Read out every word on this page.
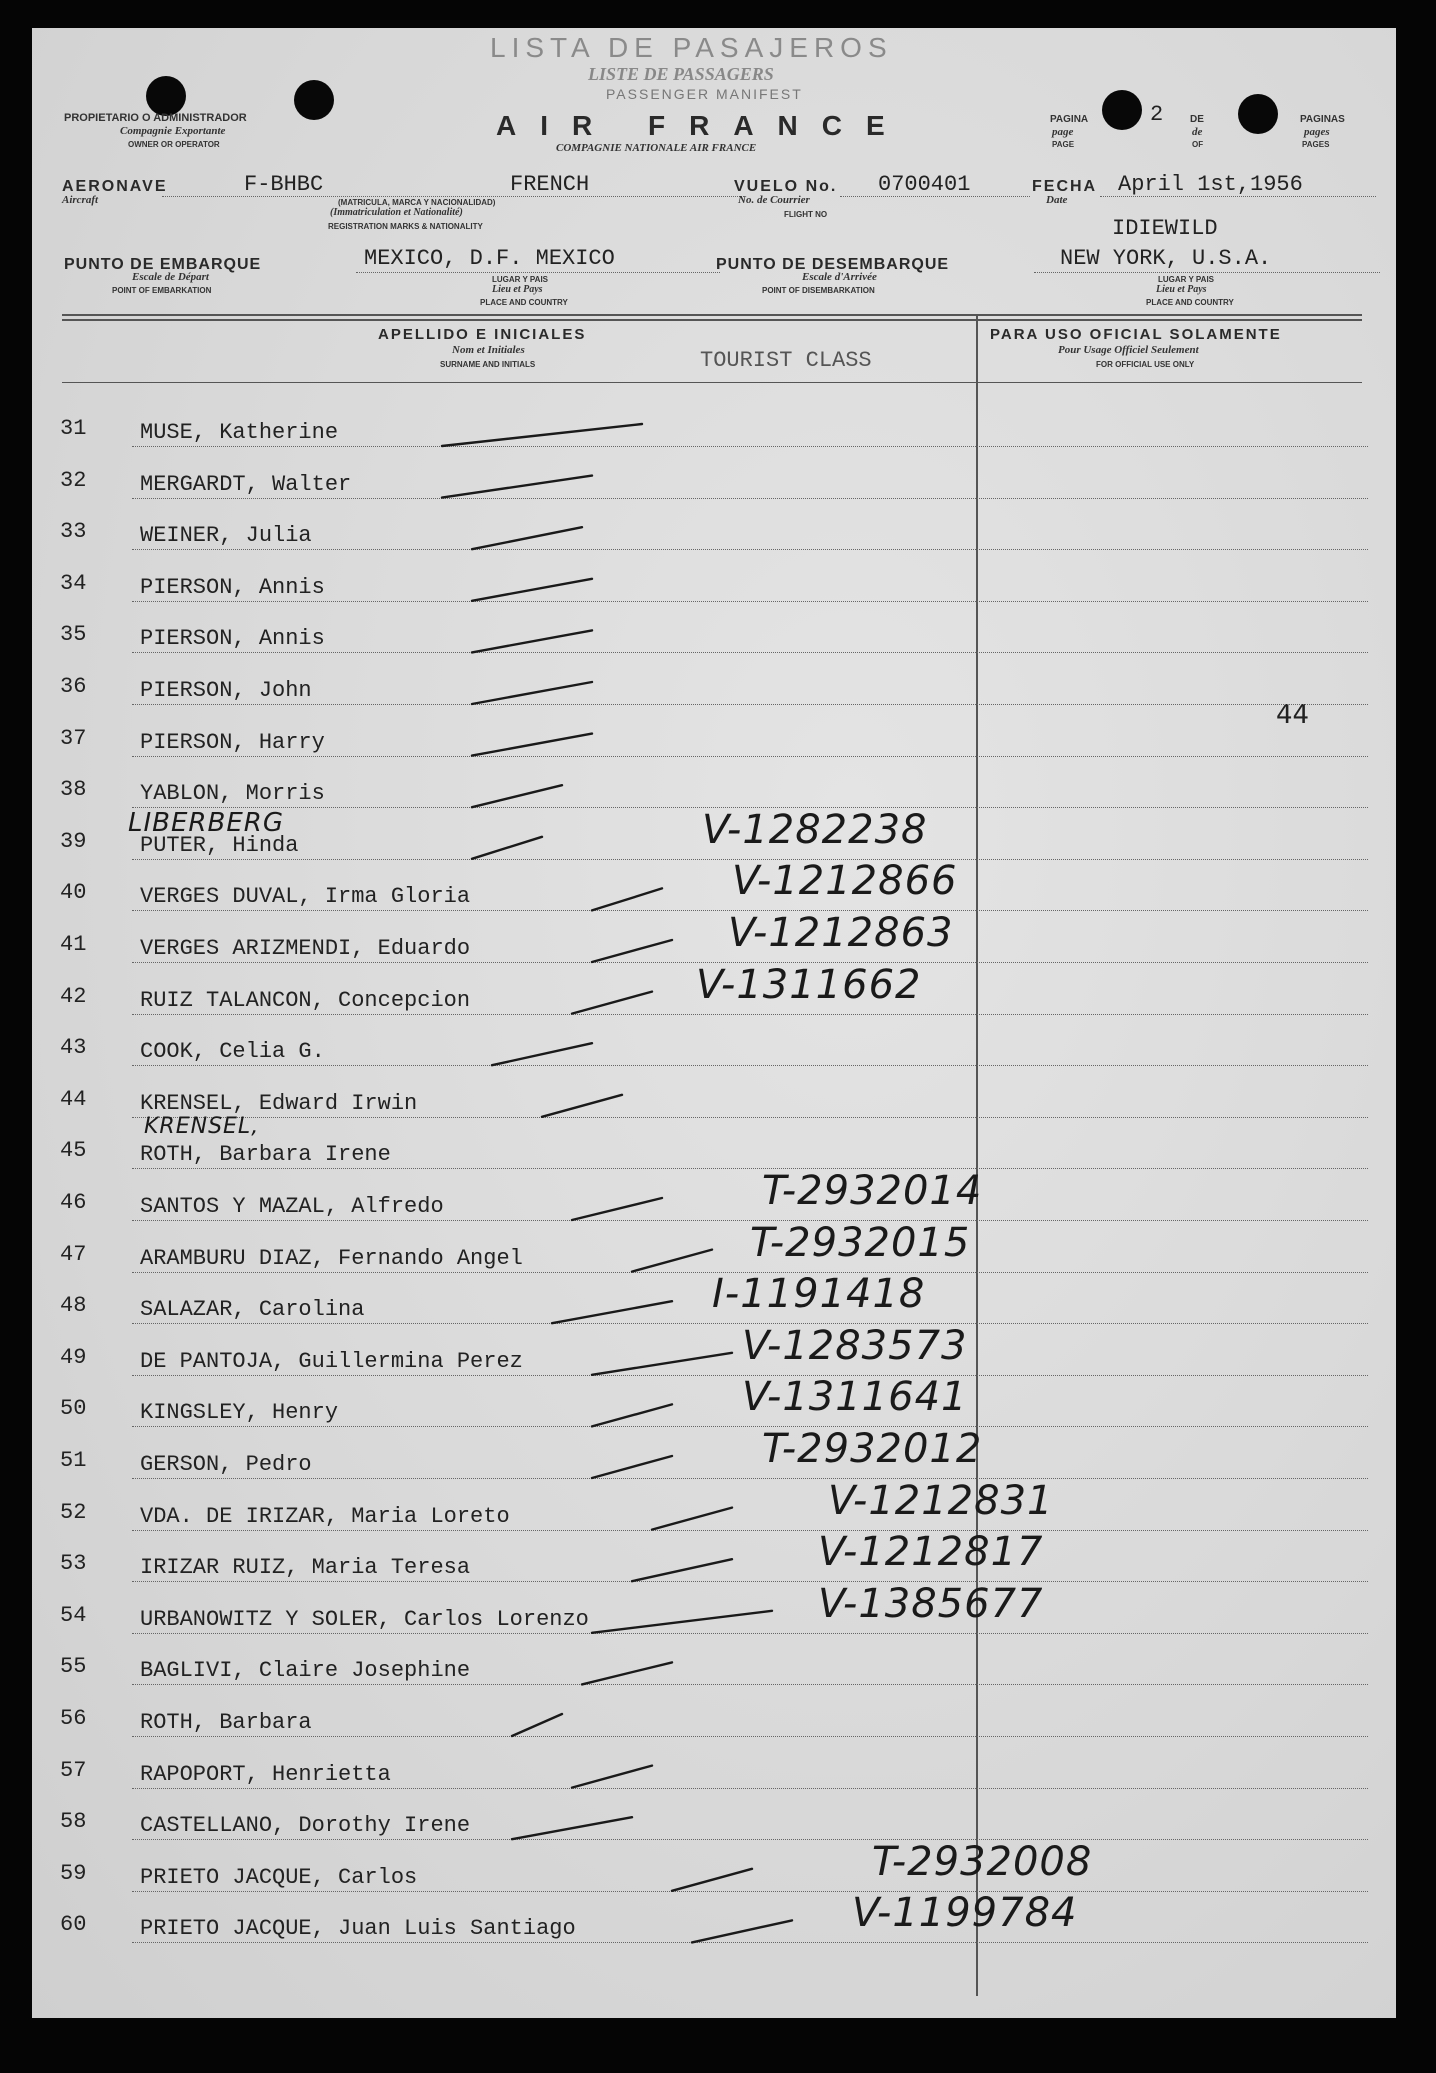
LISTA DE PASAJEROS
LISTE DE PASSAGERS
PASSENGER MANIFEST
AIR FRANCE
COMPAGNIE NATIONALE AIR FRANCE
PROPIETARIO O ADMINISTRADOR
Compagnie Exportante
OWNER OR OPERATOR
PAGINA
page
PAGE
2	DE
de
OF
PAGINAS
pages
PAGES
AERONAVE
Aircraft
F-BHBC	FRENCH
(MATRICULA, MARCA Y NACIONALIDAD)
(Immatriculation et Nationalité)
REGISTRATION MARKS & NATIONALITY
VUELO No.
No. de Courrier
FLIGHT NO
0700401	FECHA
Date
April 1st,1956
IDIEWILD
PUNTO DE EMBARQUE
Escale de Départ
POINT OF EMBARKATION
MEXICO, D.F. MEXICO
LUGAR Y PAIS
Lieu et Pays
PLACE AND COUNTRY
PUNTO DE DESEMBARQUE
Escale d'Arrivée
POINT OF DISEMBARKATION
NEW YORK, U.S.A.
LUGAR Y PAIS
Lieu et Pays
PLACE AND COUNTRY
APELLIDO E INICIALES
Nom et Initiales
SURNAME AND INITIALS	TOURIST CLASS
PARA USO OFICIAL SOLAMENTE
Pour Usage Officiel Seulement
FOR OFFICIAL USE ONLY
44
31 MUSE, Katherine
32 MERGARDT, Walter
33 WEINER, Julia
34 PIERSON, Annis
35 PIERSON, Annis
36 PIERSON, John
37 PIERSON, Harry
38 YABLON, Morris
39 PUTER, Hinda	V-1282238
40 VERGES DUVAL, Irma Gloria	V-1212866
41 VERGES ARIZMENDI, Eduardo	V-1212863
42 RUIZ TALANCON, Concepcion	V-1311662
43 COOK, Celia G.
44 KRENSEL, Edward Irwin
45 ROTH, Barbara Irene
46 SANTOS Y MAZAL, Alfredo	T-2932014
47 ARAMBURU DIAZ, Fernando Angel	T-2932015
48 SALAZAR, Carolina	I-1191418
49 DE PANTOJA, Guillermina Perez	V-1283573
50 KINGSLEY, Henry	V-1311641
51 GERSON, Pedro	T-2932012
52 VDA. DE IRIZAR, Maria Loreto	V-1212831
53 IRIZAR RUIZ, Maria Teresa	V-1212817
54 URBANOWITZ Y SOLER, Carlos Lorenzo	V-1385677
55 BAGLIVI, Claire Josephine
56 ROTH, Barbara
57 RAPOPORT, Henrietta
58 CASTELLANO, Dorothy Irene
59 PRIETO JACQUE, Carlos	T-2932008
60 PRIETO JACQUE, Juan Luis Santiago	V-1199784
LIBERBERG
KRENSEL,
